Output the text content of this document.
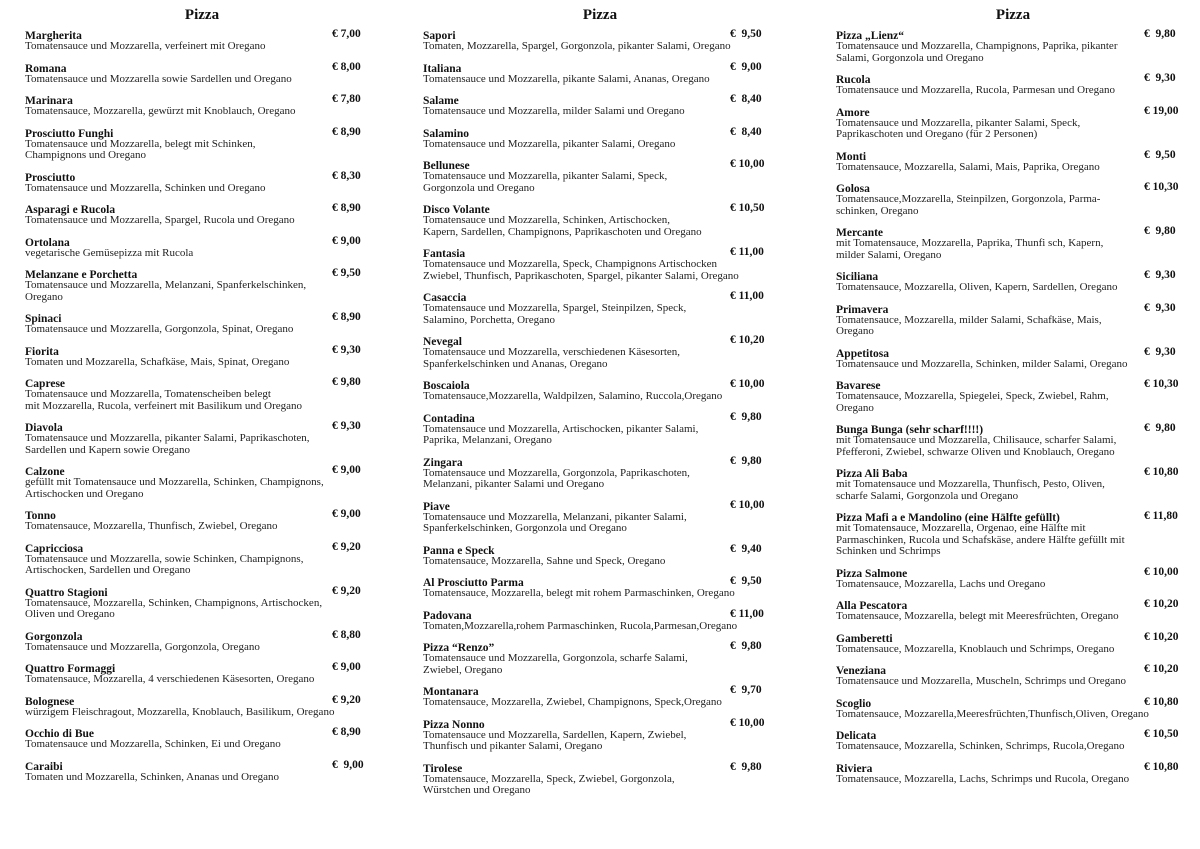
Pizza
Margherita	€ 7,00
Tomatensauce und Mozzarella, verfeinert mit Oregano
Romana	€ 8,00
Tomatensauce und Mozzarella sowie Sardellen und Oregano
Marinara	€ 7,80
Tomatensauce, Mozzarella, gewürzt mit Knoblauch, Oregano
Prosciutto Funghi	€ 8,90
Tomatensauce und Mozzarella, belegt mit Schinken,
Champignons und Oregano
Prosciutto	€ 8,30
Tomatensauce und Mozzarella, Schinken und Oregano
Asparagi e Rucola	€ 8,90
Tomatensauce und Mozzarella, Spargel, Rucola und Oregano
Ortolana	€ 9,00
vegetarische Gemüsepizza mit Rucola
Melanzane e Porchetta	€ 9,50
Tomatensauce und Mozzarella, Melanzani, Spanferkelschinken,
Oregano
Spinaci	€ 8,90
Tomatensauce und Mozzarella, Gorgonzola, Spinat, Oregano
Fiorita	€ 9,30
Tomaten und Mozzarella, Schafkäse, Mais, Spinat, Oregano
Caprese	€ 9,80
Tomatensauce und Mozzarella, Tomatenscheiben belegt
mit Mozzarella, Rucola, verfeinert mit Basilikum und Oregano
Diavola	€ 9,30
Tomatensauce und Mozzarella, pikanter Salami, Paprikaschoten,
Sardellen und Kapern sowie Oregano
Calzone	€ 9,00
gefüllt mit Tomatensauce und Mozzarella, Schinken, Champignons,
Artischocken und Oregano
Tonno	€ 9,00
Tomatensauce, Mozzarella, Thunfisch, Zwiebel, Oregano
Capricciosa	€ 9,20
Tomatensauce und Mozzarella, sowie Schinken, Champignons,
Artischocken, Sardellen und Oregano
Quattro Stagioni	€ 9,20
Tomatensauce, Mozzarella, Schinken, Champignons, Artischocken,
Oliven und Oregano
Gorgonzola	€ 8,80
Tomatensauce und Mozzarella, Gorgonzola, Oregano
Quattro Formaggi	€ 9,00
Tomatensauce, Mozzarella, 4 verschiedenen Käsesorten, Oregano
Bolognese	€ 9,20
würzigem Fleischragout, Mozzarella, Knoblauch, Basilikum, Oregano
Occhio di Bue	€ 8,90
Tomatensauce und Mozzarella, Schinken, Ei und Oregano
Caraibi	€  9,00
Tomaten und Mozzarella, Schinken, Ananas und Oregano
Pizza
Sapori	€  9,50
Tomaten, Mozzarella, Spargel, Gorgonzola, pikanter Salami, Oregano
Italiana	€  9,00
Tomatensauce und Mozzarella, pikante Salami, Ananas, Oregano
Salame	€  8,40
Tomatensauce und Mozzarella, milder Salami und Oregano
Salamino	€  8,40
Tomatensauce und Mozzarella, pikanter Salami, Oregano
Bellunese	€ 10,00
Tomatensauce und Mozzarella, pikanter Salami, Speck,
Gorgonzola und Oregano
Disco Volante	€ 10,50
Tomatensauce und Mozzarella, Schinken, Artischocken,
Kapern, Sardellen, Champignons, Paprikaschoten und Oregano
Fantasia	€ 11,00
Tomatensauce und Mozzarella, Speck, Champignons Artischocken
Zwiebel, Thunfisch, Paprikaschoten, Spargel, pikanter Salami, Oregano
Casaccia	€ 11,00
Tomatensauce und Mozzarella, Spargel, Steinpilzen, Speck,
Salamino, Porchetta, Oregano
Nevegal	€ 10,20
Tomatensauce und Mozzarella, verschiedenen Käsesorten,
Spanferkelschinken und Ananas, Oregano
Boscaiola	€ 10,00
Tomatensauce,Mozzarella, Waldpilzen, Salamino, Ruccola,Oregano
Contadina	€  9,80
Tomatensauce und Mozzarella, Artischocken, pikanter Salami,
Paprika, Melanzani, Oregano
Zingara	€  9,80
Tomatensauce und Mozzarella, Gorgonzola, Paprikaschoten,
Melanzani, pikanter Salami und Oregano
Piave	€ 10,00
Tomatensauce und Mozzarella, Melanzani, pikanter Salami,
Spanferkelschinken, Gorgonzola und Oregano
Panna e Speck	€  9,40
Tomatensauce, Mozzarella, Sahne und Speck, Oregano
Al Prosciutto Parma	€  9,50
Tomatensauce, Mozzarella, belegt mit rohem Parmaschinken, Oregano
Padovana	€ 11,00
Tomaten,Mozzarella,rohem Parmaschinken, Rucola,Parmesan,Oregano
Pizza “Renzo”	€  9,80
Tomatensauce und Mozzarella, Gorgonzola, scharfe Salami,
Zwiebel, Oregano
Montanara	€  9,70
Tomatensauce, Mozzarella, Zwiebel, Champignons, Speck,Oregano
Pizza Nonno	€ 10,00
Tomatensauce und Mozzarella, Sardellen, Kapern, Zwiebel,
Thunfisch und pikanter Salami, Oregano
Tirolese	€  9,80
Tomatensauce, Mozzarella, Speck, Zwiebel, Gorgonzola,
Würstchen und Oregano
Pizza
Pizza „Lienz“	€  9,80
Tomatensauce und Mozzarella, Champignons, Paprika, pikanter
Salami, Gorgonzola und Oregano
Rucola	€  9,30
Tomatensauce und Mozzarella, Rucola, Parmesan und Oregano
Amore	€ 19,00
Tomatensauce und Mozzarella, pikanter Salami, Speck,
Paprikaschoten und Oregano (für 2 Personen)
Monti	€  9,50
Tomatensauce, Mozzarella, Salami, Mais, Paprika, Oregano
Golosa	€ 10,30
Tomatensauce,Mozzarella, Steinpilzen, Gorgonzola, Parma-
schinken, Oregano
Mercante	€  9,80
mit Tomatensauce, Mozzarella, Paprika, Thunfi sch, Kapern,
milder Salami, Oregano
Siciliana	€  9,30
Tomatensauce, Mozzarella, Oliven, Kapern, Sardellen, Oregano
Primavera	€  9,30
Tomatensauce, Mozzarella, milder Salami, Schafkäse, Mais,
Oregano
Appetitosa	€  9,30
Tomatensauce und Mozzarella, Schinken, milder Salami, Oregano
Bavarese	€ 10,30
Tomatensauce, Mozzarella, Spiegelei, Speck, Zwiebel, Rahm,
Oregano
Bunga Bunga (sehr scharf!!!!)	€  9,80
mit Tomatensauce und Mozzarella, Chilisauce, scharfer Salami,
Pfefferoni, Zwiebel, schwarze Oliven und Knoblauch, Oregano
Pizza Ali Baba	€ 10,80
mit Tomatensauce und Mozzarella, Thunfisch, Pesto, Oliven,
scharfe Salami, Gorgonzola und Oregano
Pizza Mafi a e Mandolino (eine Hälfte gefüllt)	€ 11,80
mit Tomatensauce, Mozzarella, Orgenao, eine Hälfte mit
Parmaschinken, Rucola und Schafskäse, andere Hälfte gefüllt mit
Schinken und Schrimps
Pizza Salmone	€ 10,00
Tomatensauce, Mozzarella, Lachs und Oregano
Alla Pescatora	€ 10,20
Tomatensauce, Mozzarella, belegt mit Meeresfrüchten, Oregano
Gamberetti	€ 10,20
Tomatensauce, Mozzarella, Knoblauch und Schrimps, Oregano
Veneziana	€ 10,20
Tomatensauce und Mozzarella, Muscheln, Schrimps und Oregano
Scoglio	€ 10,80
Tomatensauce, Mozzarella,Meeresfrüchten,Thunfisch,Oliven, Oregano
Delicata	€ 10,50
Tomatensauce, Mozzarella, Schinken, Schrimps, Rucola,Oregano
Riviera	€ 10,80
Tomatensauce, Mozzarella, Lachs, Schrimps und Rucola, Oregano
